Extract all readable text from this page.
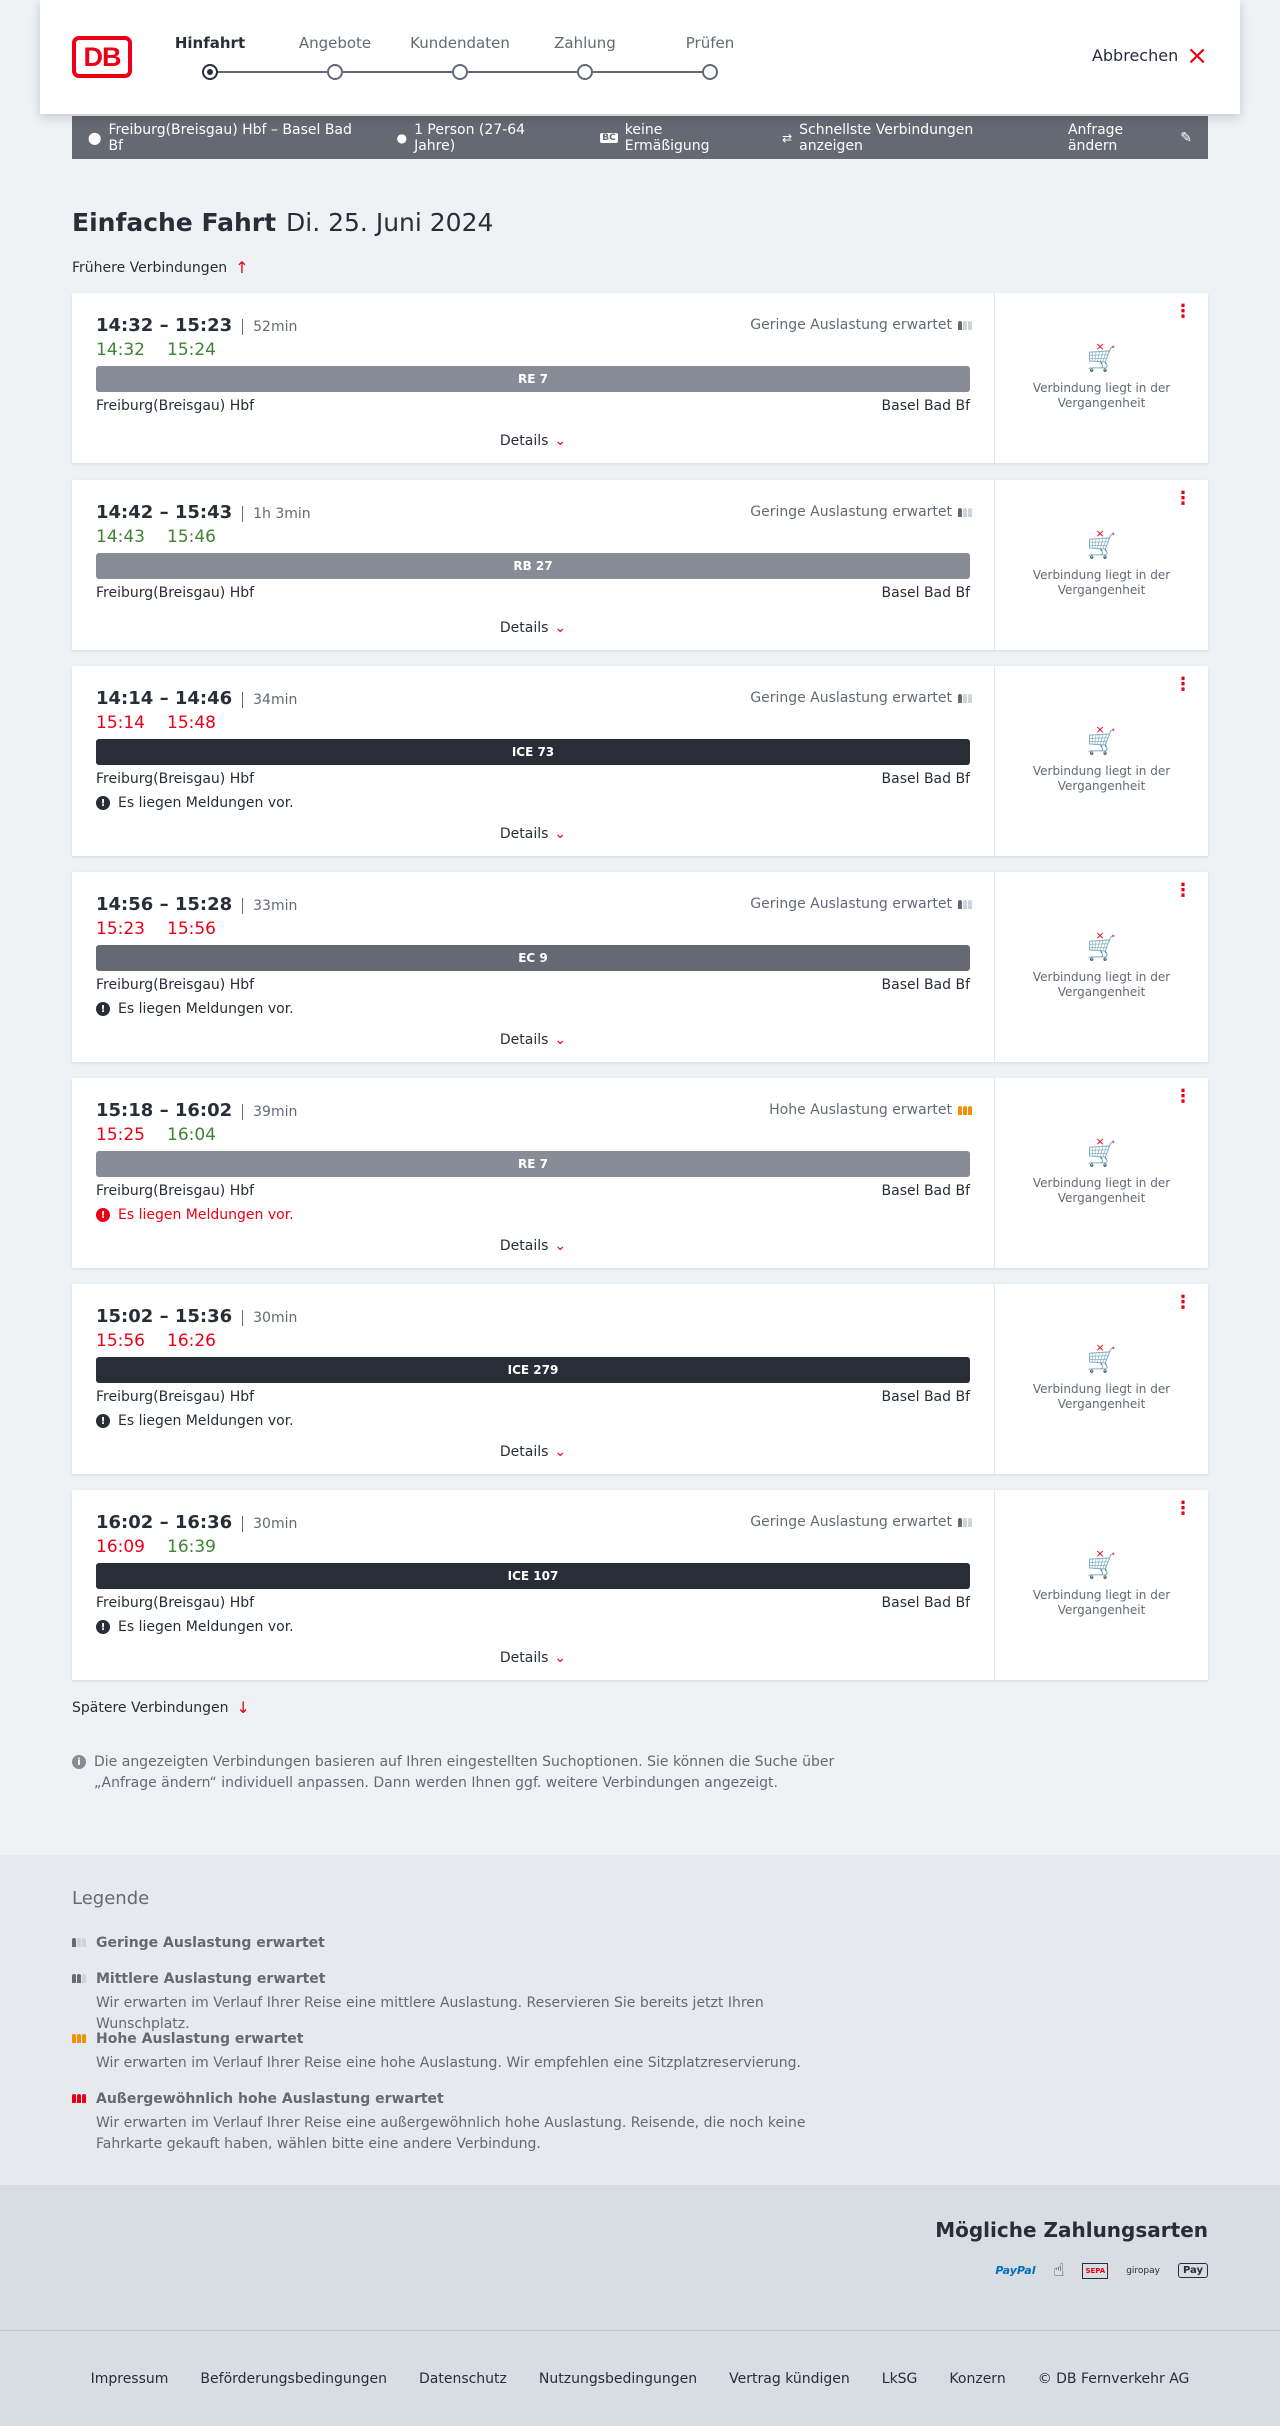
DB	Hinfahrt	Angebote	Kundendaten	Zahlung	Prüfen
Abbrechen ×
⬤ Freiburg(Breisgau) Hbf – Basel Bad Bf	● 1 Person (27-64 Jahre)	BC keine Ermäßigung	⇄ Schnellste Verbindungen anzeigen
Anfrage ändern	✎
Einfache Fahrt Di. 25. Juni 2024
Frühere Verbindungen ↑
14:32 – 15:23 52min	Geringe Auslastung erwartet
14:32 15:24
RE 7
Freiburg(Breisgau) Hbf	Basel Bad Bf
Details ⌄
⋮
🛒 ×
Verbindung liegt in der Vergangenheit
14:42 – 15:43 1h 3min	Geringe Auslastung erwartet
14:43 15:46
RB 27
Freiburg(Breisgau) Hbf	Basel Bad Bf
Details ⌄
⋮
🛒 ×
Verbindung liegt in der Vergangenheit
14:14 – 14:46 34min	Geringe Auslastung erwartet
15:14 15:48
ICE 73
Freiburg(Breisgau) Hbf	Basel Bad Bf
! Es liegen Meldungen vor.
Details ⌄
⋮
🛒 ×
Verbindung liegt in der Vergangenheit
14:56 – 15:28 33min	Geringe Auslastung erwartet
15:23 15:56
EC 9
Freiburg(Breisgau) Hbf	Basel Bad Bf
! Es liegen Meldungen vor.
Details ⌄
⋮
🛒 ×
Verbindung liegt in der Vergangenheit
15:18 – 16:02 39min	Hohe Auslastung erwartet
15:25 16:04
RE 7
Freiburg(Breisgau) Hbf	Basel Bad Bf
! Es liegen Meldungen vor.
Details ⌄
⋮
🛒 ×
Verbindung liegt in der Vergangenheit
15:02 – 15:36 30min
15:56 16:26
ICE 279
Freiburg(Breisgau) Hbf	Basel Bad Bf
! Es liegen Meldungen vor.
Details ⌄
⋮
🛒 ×
Verbindung liegt in der Vergangenheit
16:02 – 16:36 30min	Geringe Auslastung erwartet
16:09 16:39
ICE 107
Freiburg(Breisgau) Hbf	Basel Bad Bf
! Es liegen Meldungen vor.
Details ⌄
⋮
🛒 ×
Verbindung liegt in der Vergangenheit
Spätere Verbindungen ↓
i Die angezeigten Verbindungen basieren auf Ihren eingestellten Suchoptionen. Sie können die Suche über „Anfrage ändern“ individuell anpassen. Dann werden Ihnen ggf. weitere Verbindungen angezeigt.
Legende
Geringe Auslastung erwartet
Mittlere Auslastung erwartet

Wir erwarten im Verlauf Ihrer Reise eine mittlere Auslastung. Reservieren Sie bereits jetzt Ihren Wunschplatz.

Hohe Auslastung erwartet

Wir erwarten im Verlauf Ihrer Reise eine hohe Auslastung. Wir empfehlen eine Sitzplatzreservierung.

Außergewöhnlich hohe Auslastung erwartet

Wir erwarten im Verlauf Ihrer Reise eine außergewöhnlich hohe Auslastung. Reisende, die noch keine Fahrkarte gekauft haben, wählen bitte eine andere Verbindung.

Mögliche Zahlungsarten
PayPal ☝	SEPA	giropay	Pay
Impressum Beförderungsbedingungen Datenschutz Nutzungsbedingungen Vertrag kündigen LkSG Konzern © DB Fernverkehr AG
